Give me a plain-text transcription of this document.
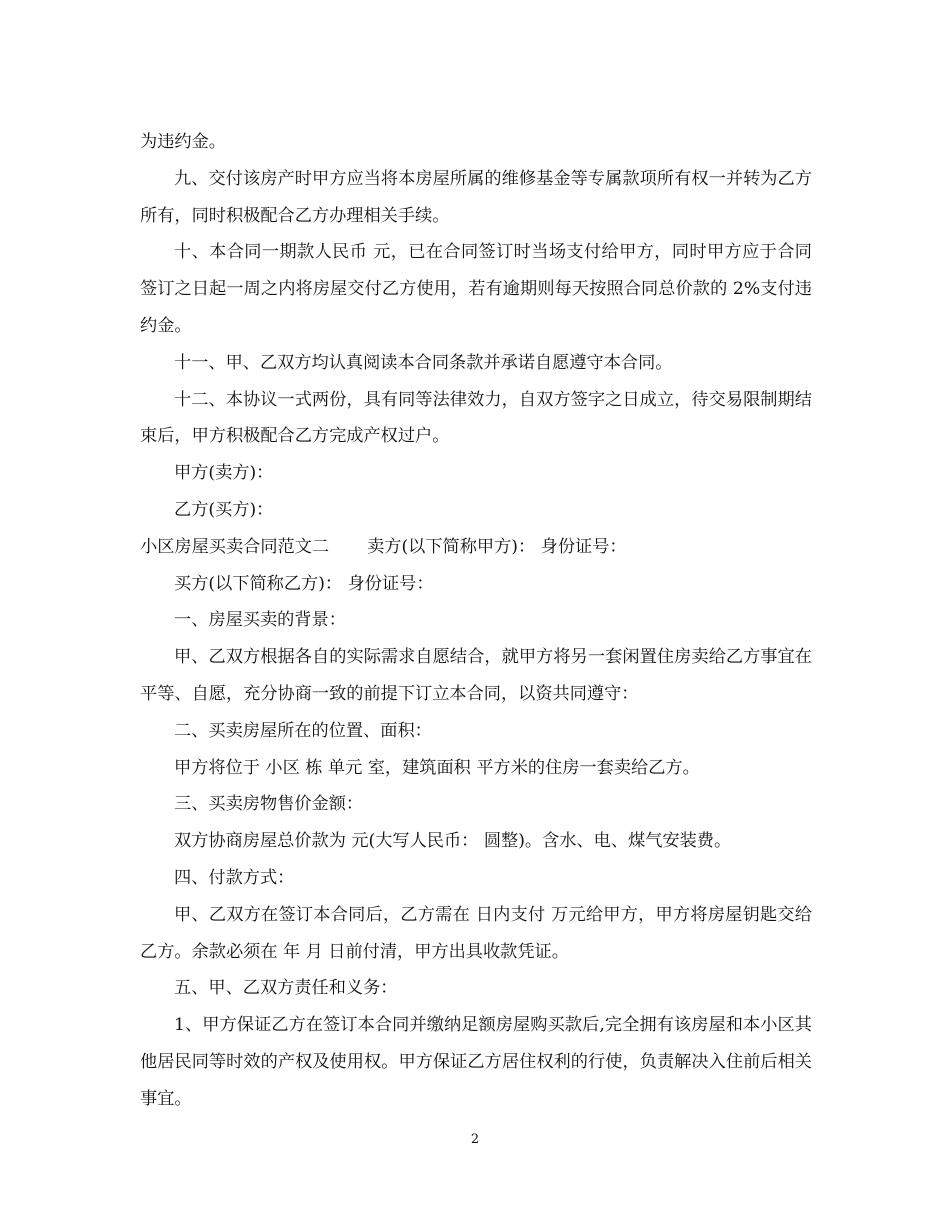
为违约金。

九、交付该房产时甲方应当将本房屋所属的维修基金等专属款项所有权一并转为乙方所有，同时积极配合乙方办理相关手续。

十、本合同一期款人民币 元，已在合同签订时当场支付给甲方，同时甲方应于合同签订之日起一周之内将房屋交付乙方使用，若有逾期则每天按照合同总价款的 2%支付违约金。

十一、甲、乙双方均认真阅读本合同条款并承诺自愿遵守本合同。

十二、本协议一式两份，具有同等法律效力，自双方签字之日成立，待交易限制期结束后，甲方积极配合乙方完成产权过户。

甲方(卖方)：

乙方(买方)：

小区房屋买卖合同范文二 卖方(以下简称甲方)： 身份证号：

买方(以下简称乙方)： 身份证号：

一、房屋买卖的背景：

甲、乙双方根据各自的实际需求自愿结合，就甲方将另一套闲置住房卖给乙方事宜在平等、自愿，充分协商一致的前提下订立本合同，以资共同遵守：

二、买卖房屋所在的位置、面积：

甲方将位于 小区 栋 单元 室，建筑面积 平方米的住房一套卖给乙方。

三、买卖房物售价金额：

双方协商房屋总价款为 元(大写人民币： 圆整)。含水、电、煤气安装费。

四、付款方式：

甲、乙双方在签订本合同后，乙方需在 日内支付 万元给甲方，甲方将房屋钥匙交给乙方。余款必须在 年 月 日前付清，甲方出具收款凭证。

五、甲、乙双方责任和义务：

1、甲方保证乙方在签订本合同并缴纳足额房屋购买款后,完全拥有该房屋和本小区其他居民同等时效的产权及使用权。甲方保证乙方居住权利的行使，负责解决入住前后相关事宜。

2
